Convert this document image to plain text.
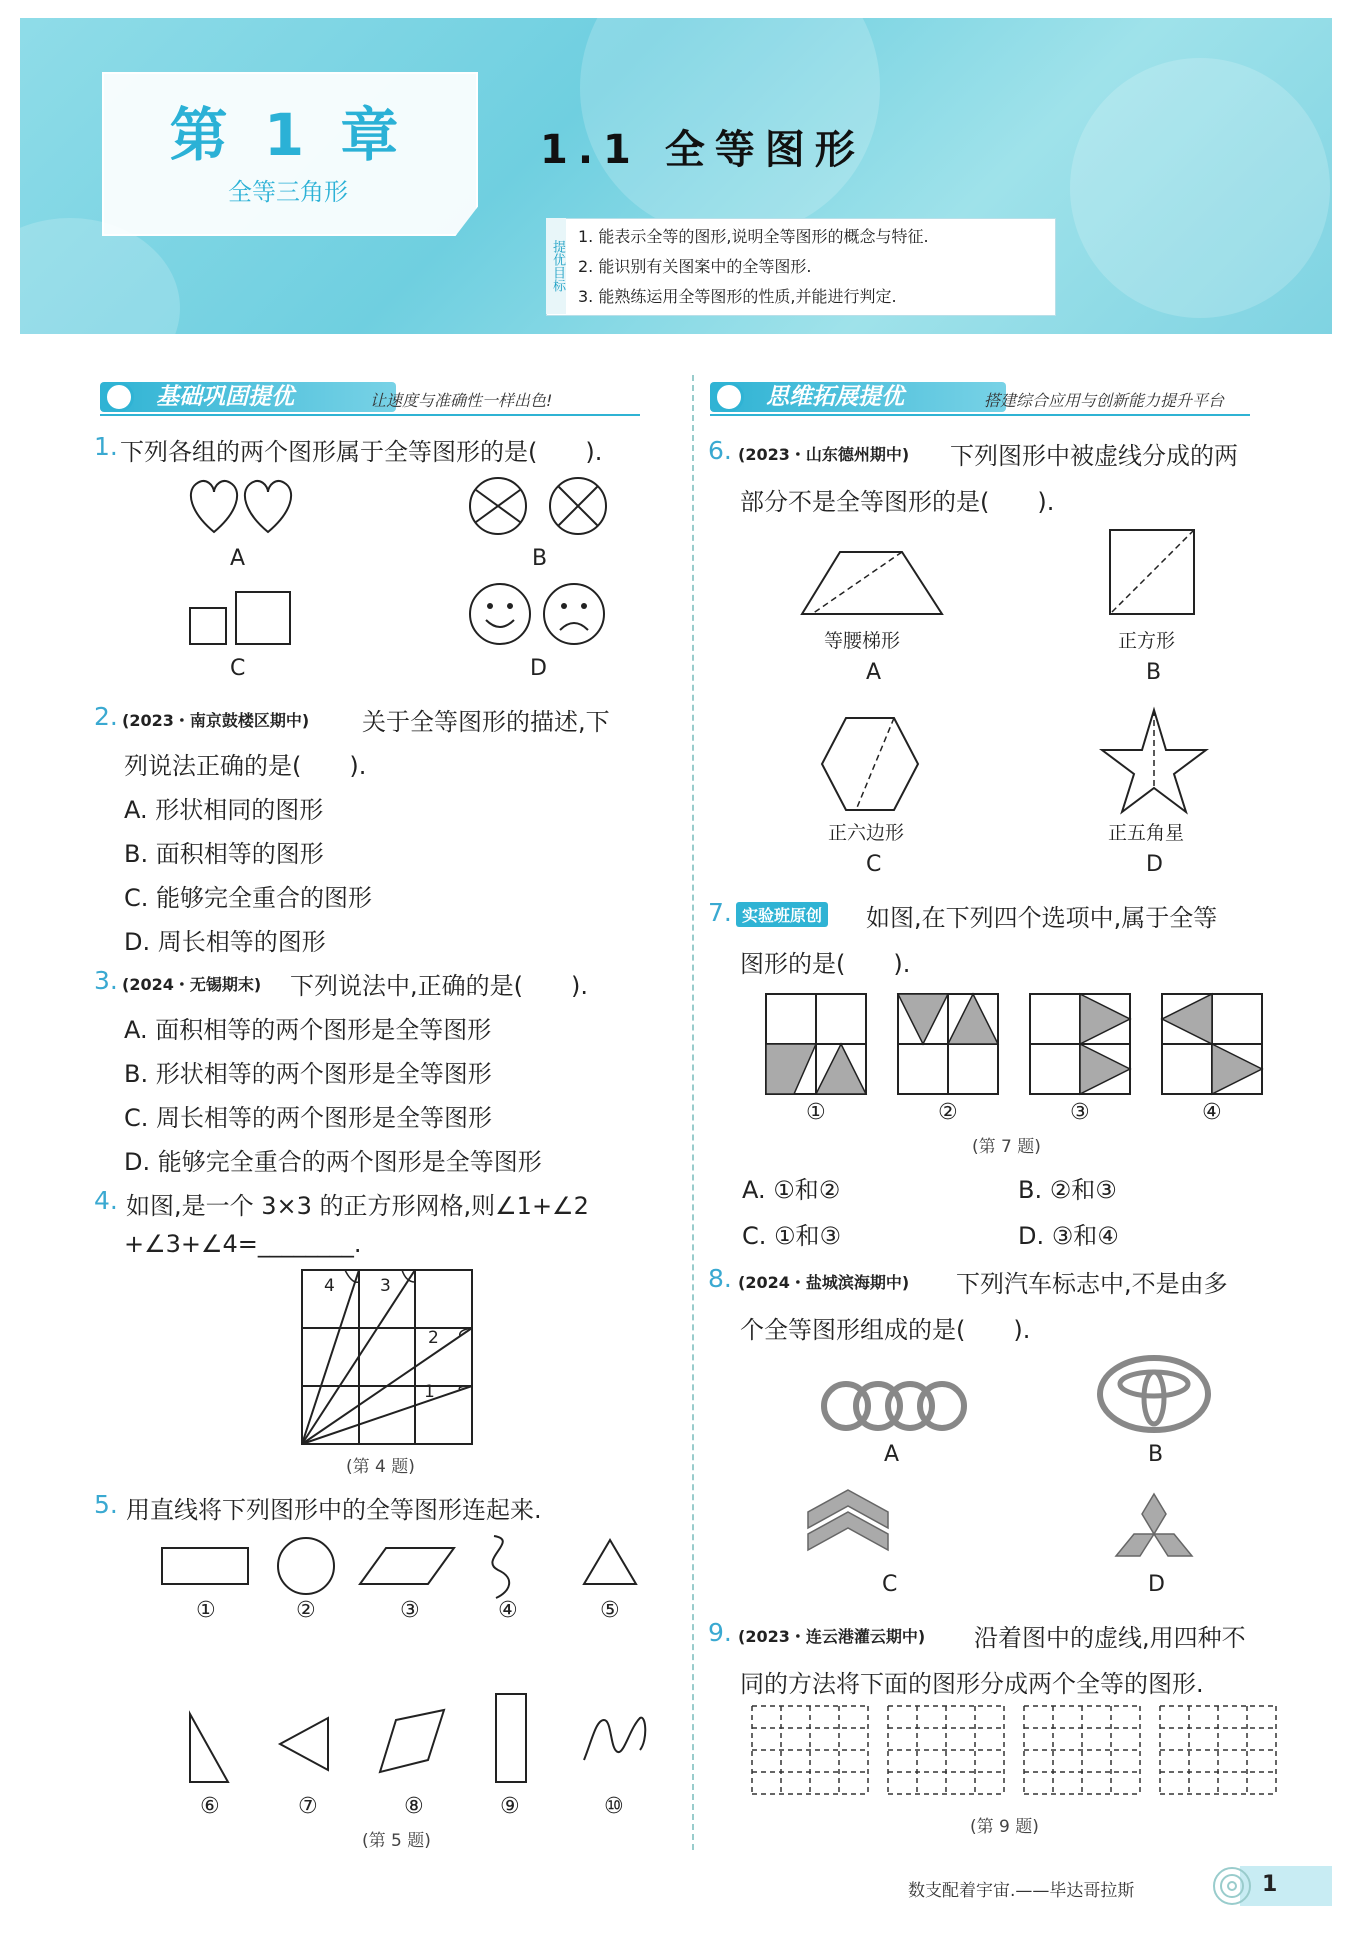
第 1 章
全等三角形
1.1 全等图形
提优目标
1. 能表示全等的图形,说明全等图形的概念与特征.
2. 能识别有关图案中的全等图形.
3. 能熟练运用全等图形的性质,并能进行判定.
基础巩固提优	让速度与准确性一样出色!	思维拓展提优	搭建综合应用与创新能力提升平台
1. 下列各组的两个图形属于全等图形的是(　　).
A	B
C	D
2. (2023・南京鼓楼区期中) 关于全等图形的描述,下
列说法正确的是(　　).
A. 形状相同的图形
B. 面积相等的图形
C. 能够完全重合的图形
D. 周长相等的图形
3. (2024・无锡期末) 下列说法中,正确的是(　　).
A. 面积相等的两个图形是全等图形
B. 形状相等的两个图形是全等图形
C. 周长相等的两个图形是全等图形
D. 能够完全重合的两个图形是全等图形
4. 如图,是一个 3×3 的正方形网格,则∠1+∠2
+∠3+∠4=________.
4	3
2
1
(第 4 题)
5. 用直线将下列图形中的全等图形连起来.
①	②	③	④	⑤
⑥	⑦	⑧	⑨	⑩
(第 5 题)
6. (2023・山东德州期中) 下列图形中被虚线分成的两
部分不是全等图形的是(　　).
等腰梯形	正方形
正六边形	正五角星
A	B
C	D
7. 实验班原创 如图,在下列四个选项中,属于全等
图形的是(　　).
①	②	③	④
(第 7 题)
A. ①和②	B. ②和③
C. ①和③	D. ③和④
8. (2024・盐城滨海期中) 下列汽车标志中,不是由多
个全等图形组成的是(　　).
A	B
C	D
9. (2023・连云港灌云期中) 沿着图中的虚线,用四种不
同的方法将下面的图形分成两个全等的图形.
(第 9 题)
数支配着宇宙.——毕达哥拉斯	1
